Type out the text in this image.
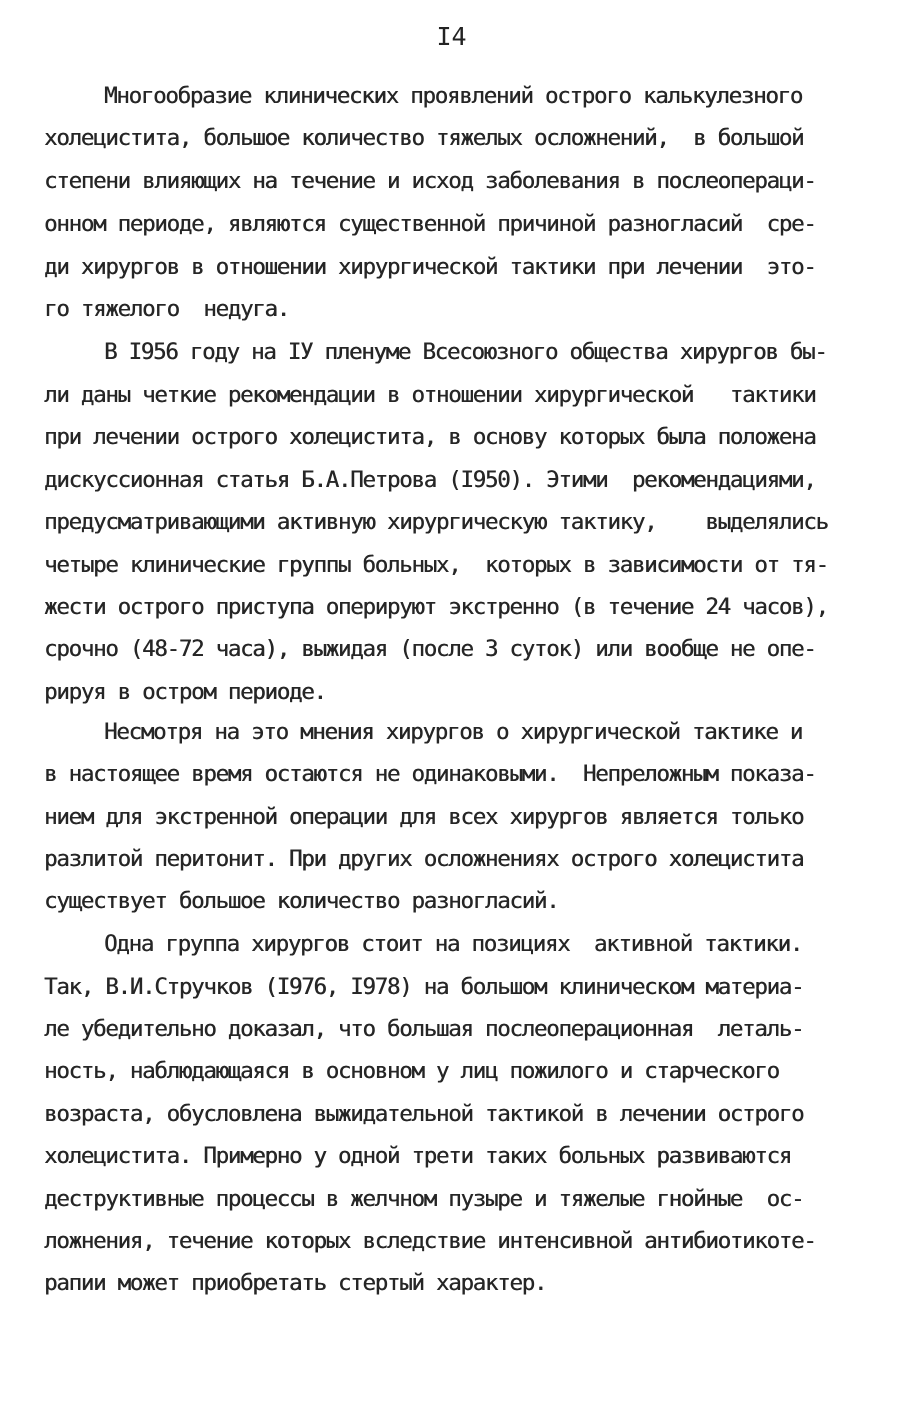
I4
Многообразие клинических проявлений острого калькулезного
холецистита, большое количество тяжелых осложнений,  в большой
степени влияющих на течение и исход заболевания в послеопераци-
онном периоде, являются существенной причиной разногласий  сре-
ди хирургов в отношении хирургической тактики при лечении  это-
го тяжелого  недуга.
В I956 году на IУ пленуме Всесоюзного общества хирургов бы-
ли даны четкие рекомендации в отношении хирургической   тактики
при лечении острого холецистита, в основу которых была положена
дискуссионная статья Б.А.Петрова (I950). Этими  рекомендациями,
предусматривающими активную хирургическую тактику,    выделялись
четыре клинические группы больных,  которых в зависимости от тя-
жести острого приступа оперируют экстренно (в течение 24 часов),
срочно (48-72 часа), выжидая (после 3 суток) или вообще не опе-
рируя в остром периоде.
Несмотря на это мнения хирургов о хирургической тактике и
в настоящее время остаются не одинаковыми.  Непреложным показа-
нием для экстренной операции для всех хирургов является только
разлитой перитонит. При других осложнениях острого холецистита
существует большое количество разногласий.
Одна группа хирургов стоит на позициях  активной тактики.
Так, В.И.Стручков (I976, I978) на большом клиническом материа-
ле убедительно доказал, что большая послеоперационная  леталь-
ность, наблюдающаяся в основном у лиц пожилого и старческого
возраста, обусловлена выжидательной тактикой в лечении острого
холецистита. Примерно у одной трети таких больных развиваются
деструктивные процессы в желчном пузыре и тяжелые гнойные  ос-
ложнения, течение которых вследствие интенсивной антибиотикоте-
рапии может приобретать стертый характер.
